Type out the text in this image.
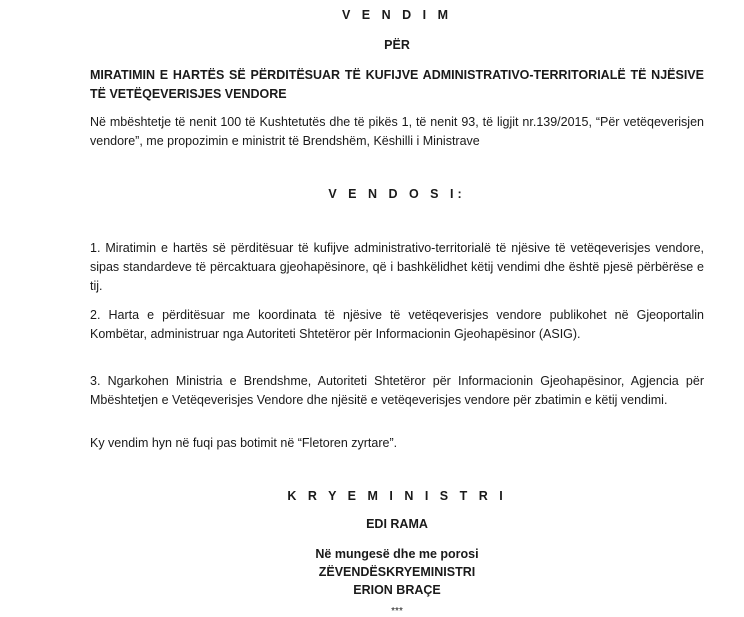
V E N D I M
PËR
MIRATIMIN E HARTËS SË PËRDITËSUAR TË KUFIJVE ADMINISTRATIVO-TERRITORIALË TË NJËSIVE TË VETËQEVERISJES VENDORE
Në mbështetje të nenit 100 të Kushtetutës dhe të pikës 1, të nenit 93, të ligjit nr.139/2015, “Për vetëqeverisjen vendore”, me propozimin e ministrit të Brendshëm, Këshilli i Ministrave
V E N D O S I:
1. Miratimin e hartës së përditësuar të kufijve administrativo-territorialë të njësive të vetëqeverisjes vendore, sipas standardeve të përcaktuara gjeohapësinore, që i bashkëlidhet këtij vendimi dhe është pjesë përbërëse e tij.
2. Harta e përditësuar me koordinata të njësive të vetëqeverisjes vendore publikohet në Gjeoportalin Kombëtar, administruar nga Autoriteti Shtetëror për Informacionin Gjeohapësinor (ASIG).
3. Ngarkohen Ministria e Brendshme, Autoriteti Shtetëror për Informacionin Gjeohapësinor, Agjencia për Mbështetjen e Vetëqeverisjes Vendore dhe njësitë e vetëqeverisjes vendore për zbatimin e këtij vendimi.
Ky vendim hyn në fuqi pas botimit në “Fletoren zyrtare”.
K R Y E M I N I S T R I
EDI RAMA
Në mungesë dhe me porosi
ZËVENDËSKRYEMINISTRI
ERION BRAÇE
***
